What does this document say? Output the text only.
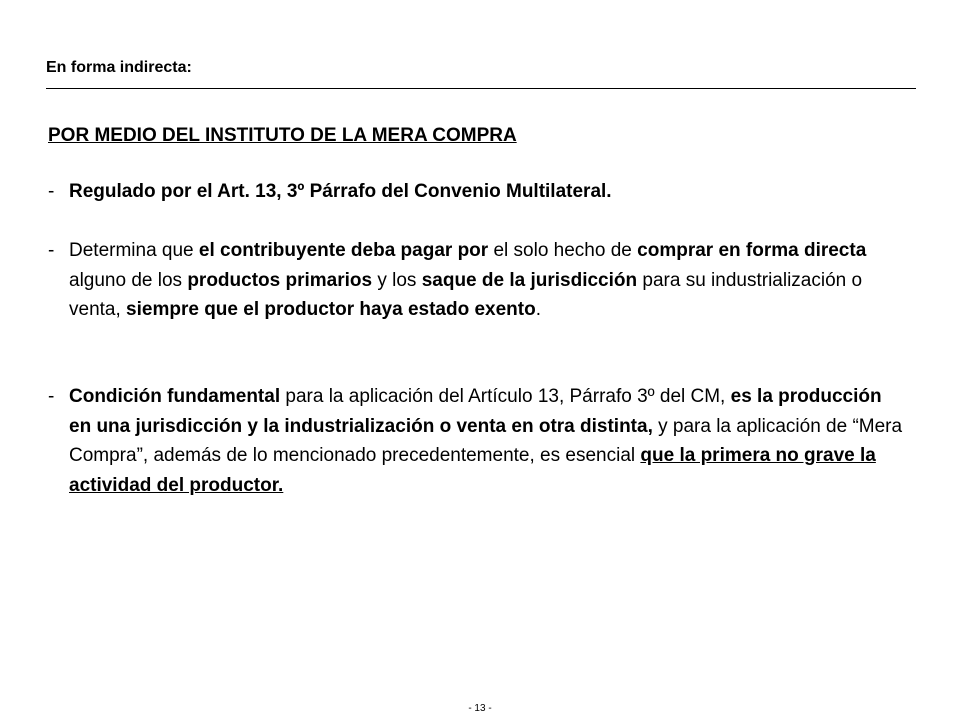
En forma indirecta:
POR MEDIO DEL INSTITUTO DE LA MERA COMPRA
- Regulado por el Art. 13, 3º Párrafo del Convenio Multilateral.
- Determina que el contribuyente deba pagar por el solo hecho de comprar en forma directa alguno de los productos primarios y los saque de la jurisdicción para su industrialización o venta, siempre que el productor haya estado exento.
- Condición fundamental para la aplicación del Artículo 13, Párrafo 3º del CM, es la producción en una jurisdicción y la industrialización o venta en otra distinta, y para la aplicación de “Mera Compra”, además de lo mencionado precedentemente, es esencial que la primera no grave la actividad del productor.
- 13 -
